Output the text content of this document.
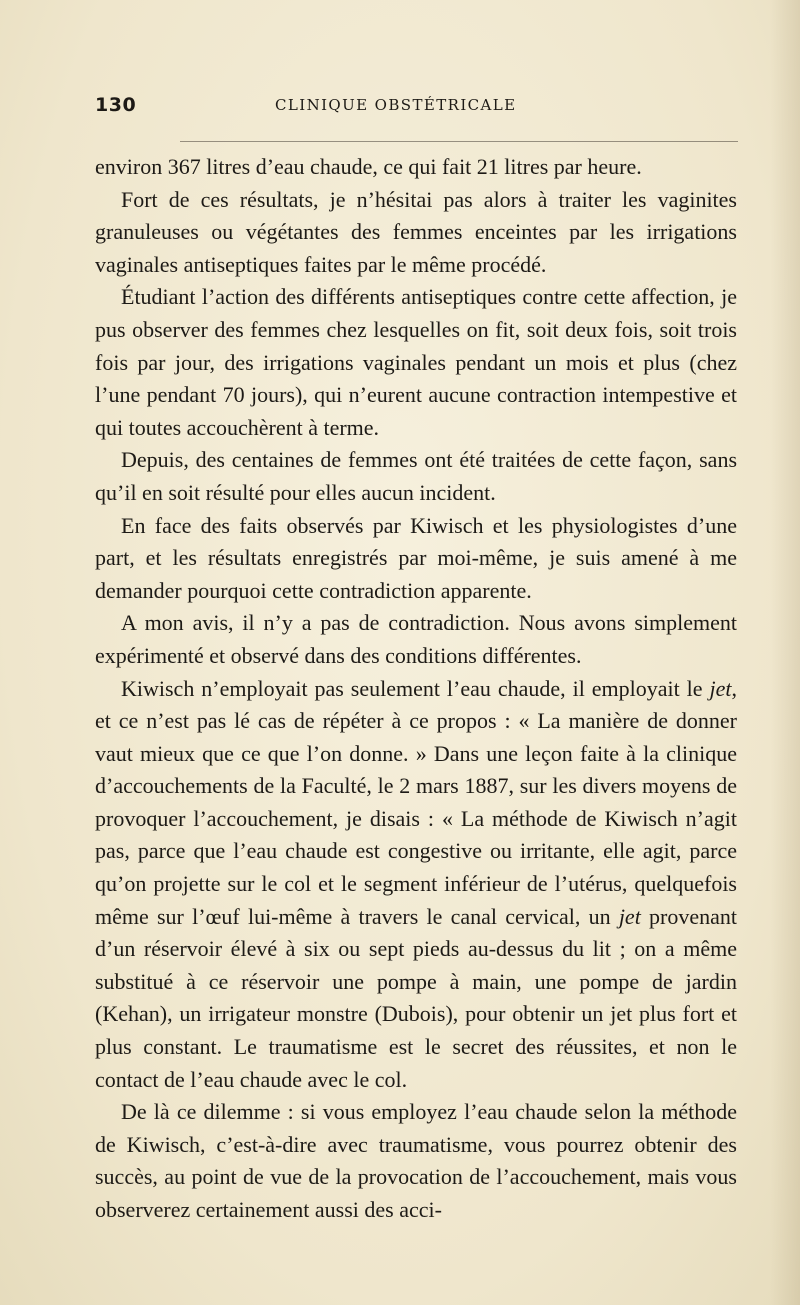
130	CLINIQUE OBSTÉTRICALE

environ 367 litres d’eau chaude, ce qui fait 21 litres par heure.

Fort de ces résultats, je n’hésitai pas alors à traiter les vaginites granuleuses ou végétantes des femmes enceintes par les irrigations vaginales antiseptiques faites par le même procédé.

Étudiant l’action des différents antiseptiques contre cette affection, je pus observer des femmes chez lesquelles on fit, soit deux fois, soit trois fois par jour, des irrigations vaginales pendant un mois et plus (chez l’une pendant 70 jours), qui n’eurent aucune contraction intempestive et qui toutes accouchèrent à terme.

Depuis, des centaines de femmes ont été traitées de cette façon, sans qu’il en soit résulté pour elles aucun incident.

En face des faits observés par Kiwisch et les physiologistes d’une part, et les résultats enregistrés par moi-même, je suis amené à me demander pourquoi cette contradiction apparente.

A mon avis, il n’y a pas de contradiction. Nous avons simplement expérimenté et observé dans des conditions différentes.

Kiwisch n’employait pas seulement l’eau chaude, il employait le jet, et ce n’est pas lé cas de répéter à ce propos : « La manière de donner vaut mieux que ce que l’on donne. » Dans une leçon faite à la clinique d’accouchements de la Faculté, le 2 mars 1887, sur les divers moyens de provoquer l’accouchement, je disais : « La méthode de Kiwisch n’agit pas, parce que l’eau chaude est congestive ou irritante, elle agit, parce qu’on projette sur le col et le segment inférieur de l’utérus, quelquefois même sur l’œuf lui-même à travers le canal cervical, un jet provenant d’un réservoir élevé à six ou sept pieds au-dessus du lit ; on a même substitué à ce réservoir une pompe à main, une pompe de jardin (Kehan), un irrigateur monstre (Dubois), pour obtenir un jet plus fort et plus constant. Le traumatisme est le secret des réussites, et non le contact de l’eau chaude avec le col.

De là ce dilemme : si vous employez l’eau chaude selon la méthode de Kiwisch, c’est-à-dire avec traumatisme, vous pourrez obtenir des succès, au point de vue de la provocation de l’accouchement, mais vous observerez certainement aussi des acci-
